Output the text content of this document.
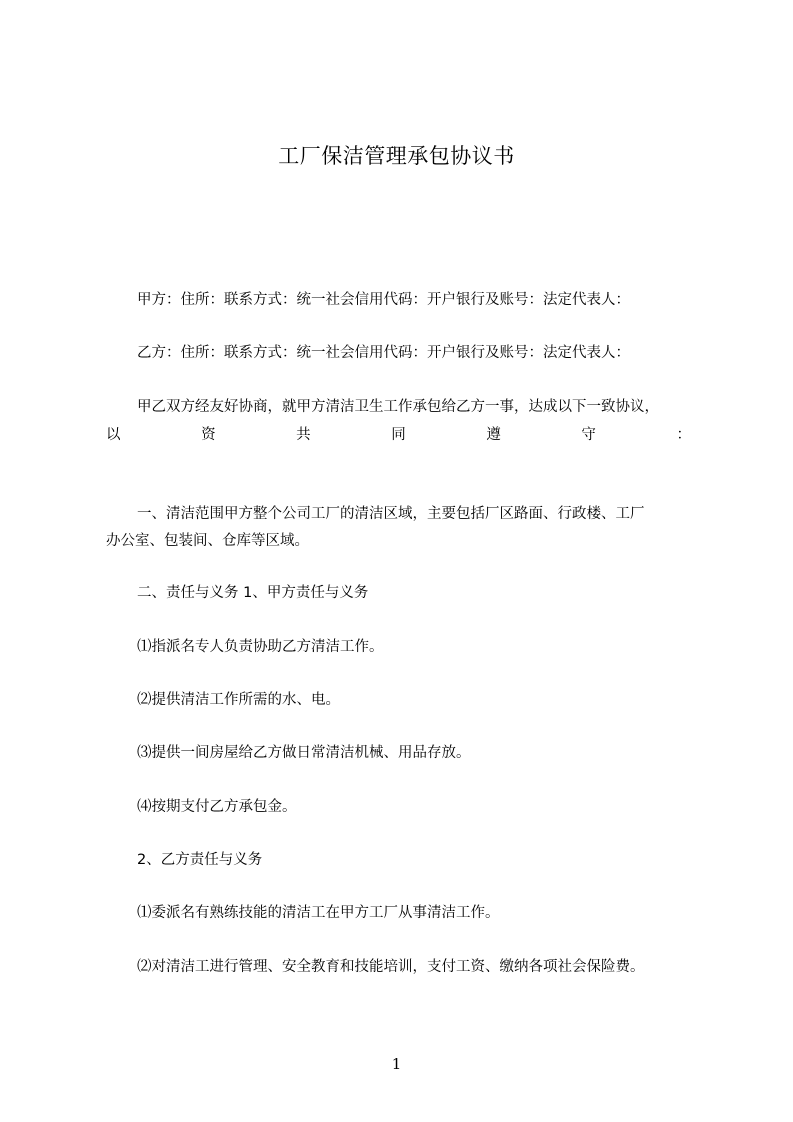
工厂保洁管理承包协议书
甲方：住所：联系方式：统一社会信用代码：开户银行及账号：法定代表人：
乙方：住所：联系方式：统一社会信用代码：开户银行及账号：法定代表人：
甲乙双方经友好协商，就甲方清洁卫生工作承包给乙方一事，达成以下一致协议，
以	资	共	同	遵	守	：
一、清洁范围甲方整个公司工厂的清洁区域，主要包括厂区路面、行政楼、工厂
办公室、包装间、仓库等区域。
二、责任与义务 1、甲方责任与义务
⑴指派名专人负责协助乙方清洁工作。
⑵提供清洁工作所需的水、电。
⑶提供一间房屋给乙方做日常清洁机械、用品存放。
⑷按期支付乙方承包金。
2、乙方责任与义务
⑴委派名有熟练技能的清洁工在甲方工厂从事清洁工作。
⑵对清洁工进行管理、安全教育和技能培训，支付工资、缴纳各项社会保险费。
1
